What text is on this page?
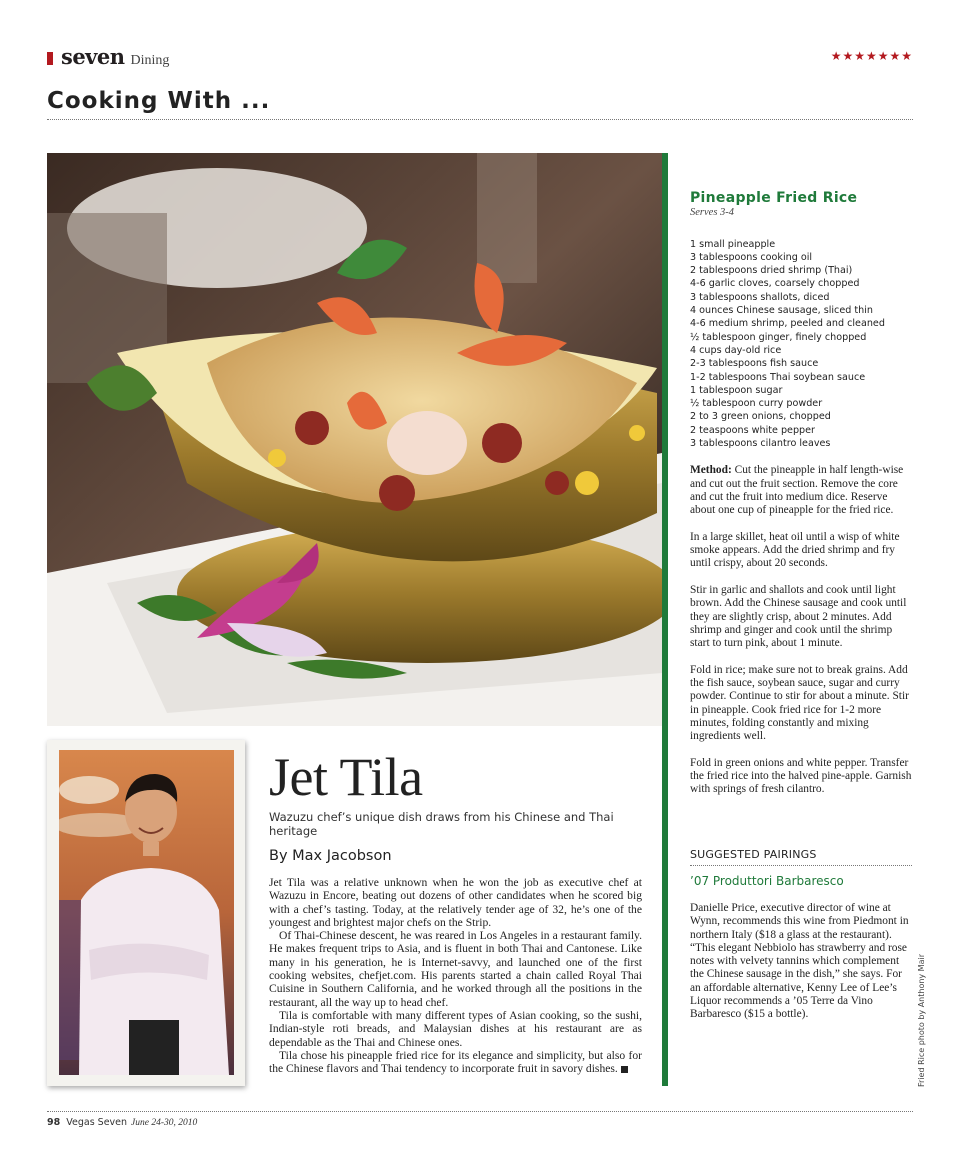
seven Dining	★★★★★★★
Cooking With ...
Pineapple Fried Rice
Serves 3-4
1 small pineapple
3 tablespoons cooking oil
2 tablespoons dried shrimp (Thai)
4-6 garlic cloves, coarsely chopped
3 tablespoons shallots, diced
4 ounces Chinese sausage, sliced thin
4-6 medium shrimp, peeled and cleaned
½ tablespoon ginger, finely chopped
4 cups day-old rice
2-3 tablespoons fish sauce
1-2 tablespoons Thai soybean sauce
1 tablespoon sugar
½ tablespoon curry powder
2 to 3 green onions, chopped
2 teaspoons white pepper
3 tablespoons cilantro leaves

Method: Cut the pineapple in half length-wise and cut out the fruit section. Remove the core and cut the fruit into medium dice. Reserve about one cup of pineapple for the fried rice.

In a large skillet, heat oil until a wisp of white smoke appears. Add the dried shrimp and fry until crispy, about 20 seconds.

Stir in garlic and shallots and cook until light brown. Add the Chinese sausage and cook until they are slightly crisp, about 2 minutes. Add shrimp and ginger and cook until the shrimp start to turn pink, about 1 minute.

Fold in rice; make sure not to break grains. Add the fish sauce, soybean sauce, sugar and curry powder. Continue to stir for about a minute. Stir in pineapple. Cook fried rice for 1-2 more minutes, folding constantly and mixing ingredients well.

Fold in green onions and white pepper. Transfer the fried rice into the halved pine-apple. Garnish with springs of fresh cilantro.

SUGGESTED PAIRINGS
’07 Produttori Barbaresco
Danielle Price, executive director of wine at Wynn, recommends this wine from Piedmont in northern Italy ($18 a glass at the restaurant). “This elegant Nebbiolo has strawberry and rose notes with velvety tannins which complement the Chinese sausage in the dish,” she says. For an affordable alternative, Kenny Lee of Lee’s Liquor recommends a ’05 Terre da Vino Barbaresco ($15 a bottle).
Jet Tila
Wazuzu chef’s unique dish draws from his Chinese and Thai heritage
By Max Jacobson

Jet Tila was a relative unknown when he won the job as executive chef at Wazuzu in Encore, beating out dozens of other candidates when he scored big with a chef’s tasting. Today, at the relatively tender age of 32, he’s one of the youngest and brightest major chefs on the Strip.

Of Thai-Chinese descent, he was reared in Los Angeles in a restaurant family. He makes frequent trips to Asia, and is fluent in both Thai and Cantonese. Like many in his generation, he is Internet-savvy, and launched one of the first cooking websites, chefjet.com. His parents started a chain called Royal Thai Cuisine in Southern California, and he worked through all the positions in the restaurant, all the way up to head chef.

Tila is comfortable with many different types of Asian cooking, so the sushi, Indian-style roti breads, and Malaysian dishes at his restaurant are as dependable as the Thai and Chinese ones.

Tila chose his pineapple fried rice for its elegance and simplicity, but also for the Chinese flavors and Thai tendency to incorporate fruit in savory dishes. 7	Fried Rice photo by Anthony Mair
98 Vegas Seven June 24-30, 2010
